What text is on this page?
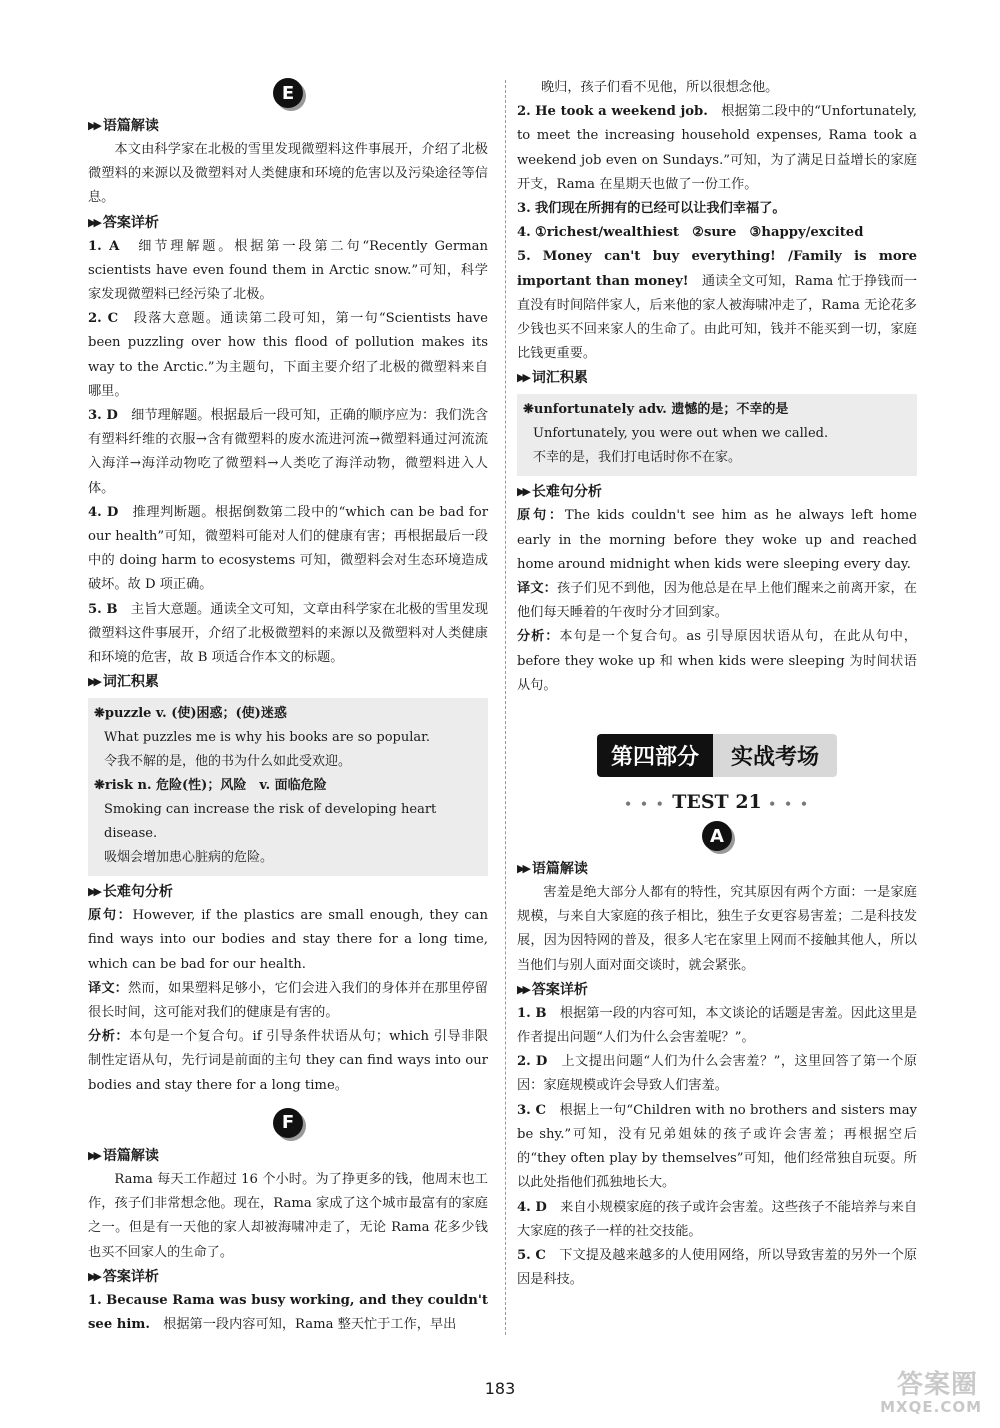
E
▶▶ 语篇解读

本文由科学家在北极的雪里发现微塑料这件事展开，介绍了北极微塑料的来源以及微塑料对人类健康和环境的危害以及污染途径等信息。

▶▶ 答案详析

1. A　 细节理解题。根据第一段第二句“Recently German scientists have even found them in Arctic snow.”可知，科学家发现微塑料已经污染了北极。

2. C　 段落大意题。通读第二段可知，第一句“Scientists have been puzzling over how this flood of pollution makes its way to the Arctic.”为主题句，下面主要介绍了北极的微塑料来自哪里。

3. D　 细节理解题。根据最后一段可知，正确的顺序应为：我们洗含有塑料纤维的衣服→含有微塑料的废水流进河流→微塑料通过河流流入海洋→海洋动物吃了微塑料→人类吃了海洋动物，微塑料进入人体。

4. D　 推理判断题。根据倒数第二段中的“which can be bad for our health”可知，微塑料可能对人们的健康有害；再根据最后一段中的 doing harm to ecosystems 可知，微塑料会对生态环境造成破坏。故 D 项正确。

5. B　 主旨大意题。通读全文可知，文章由科学家在北极的雪里发现微塑料这件事展开，介绍了北极微塑料的来源以及微塑料对人类健康和环境的危害，故 B 项适合作本文的标题。

▶▶ 词汇积累

❋puzzle v. (使)困惑；(使)迷惑

What puzzles me is why his books are so popular.

令我不解的是，他的书为什么如此受欢迎。

❋risk n. 危险(性)；风险　v. 面临危险

Smoking can increase the risk of developing heart disease.

吸烟会增加患心脏病的危险。

▶▶ 长难句分析

原句：However, if the plastics are small enough, they can find ways into our bodies and stay there for a long time, which can be bad for our health.

译文：然而，如果塑料足够小，它们会进入我们的身体并在那里停留很长时间，这可能对我们的健康是有害的。

分析：本句是一个复合句。if 引导条件状语从句；which 引导非限制性定语从句，先行词是前面的主句 they can find ways into our bodies and stay there for a long time。

F
▶▶ 语篇解读

Rama 每天工作超过 16 个小时。为了挣更多的钱，他周末也工作，孩子们非常想念他。现在，Rama 家成了这个城市最富有的家庭之一。但是有一天他的家人却被海啸冲走了，无论 Rama 花多少钱也买不回家人的生命了。

▶▶ 答案详析

1. Because Rama was busy working, and they couldn't see him.　 根据第一段内容可知，Rama 整天忙于工作，早出

晚归，孩子们看不见他，所以很想念他。

2. He took a weekend job.　 根据第二段中的“Unfortunately, to meet the increasing household expenses, Rama took a weekend job even on Sundays.”可知，为了满足日益增长的家庭开支，Rama 在星期天也做了一份工作。

3. 我们现在所拥有的已经可以让我们幸福了。

4. ①richest/wealthiest　②sure　③happy/excited

5. Money can't buy everything! /Family is more important than money!　 通读全文可知，Rama 忙于挣钱而一直没有时间陪伴家人，后来他的家人被海啸冲走了，Rama 无论花多少钱也买不回来家人的生命了。由此可知，钱并不能买到一切，家庭比钱更重要。

▶▶ 词汇积累

❋unfortunately adv. 遗憾的是；不幸的是

Unfortunately, you were out when we called.

不幸的是，我们打电话时你不在家。

▶▶ 长难句分析

原句：The kids couldn't see him as he always left home early in the morning before they woke up and reached home around midnight when kids were sleeping every day.

译文：孩子们见不到他，因为他总是在早上他们醒来之前离开家，在他们每天睡着的午夜时分才回到家。

分析：本句是一个复合句。as 引导原因状语从句，在此从句中，before they woke up 和 when kids were sleeping 为时间状语从句。

第四部分	实战考场
• • • TEST 21 • • •
A
▶▶ 语篇解读

害羞是绝大部分人都有的特性，究其原因有两个方面：一是家庭规模，与来自大家庭的孩子相比，独生子女更容易害羞；二是科技发展，因为因特网的普及，很多人宅在家里上网而不接触其他人，所以当他们与别人面对面交谈时，就会紧张。

▶▶ 答案详析

1. B　 根据第一段的内容可知，本文谈论的话题是害羞。因此这里是作者提出问题“人们为什么会害羞呢？”。

2. D　 上文提出问题“人们为什么会害羞？”，这里回答了第一个原因：家庭规模或许会导致人们害羞。

3. C　 根据上一句“Children with no brothers and sisters may be shy.”可知，没有兄弟姐妹的孩子或许会害羞；再根据空后的“they often play by themselves”可知，他们经常独自玩耍。所以此处指他们孤独地长大。

4. D　 来自小规模家庭的孩子或许会害羞。这些孩子不能培养与来自大家庭的孩子一样的社交技能。

5. C　 下文提及越来越多的人使用网络，所以导致害羞的另外一个原因是科技。

183	答案圈
MXQE.COM
